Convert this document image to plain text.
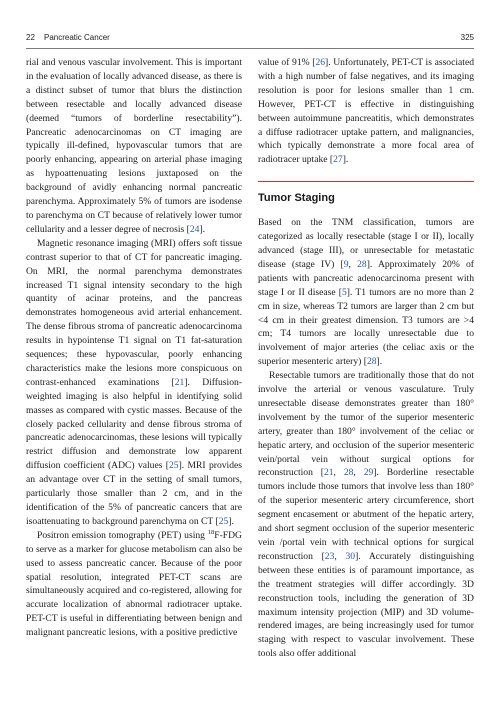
22 Pancreatic Cancer	325

rial and venous vascular involvement. This is important in the evaluation of locally advanced disease, as there is a distinct subset of tumor that blurs the distinction between resectable and locally advanced disease (deemed “tumors of borderline resectability”). Pancreatic adenocarcinomas on CT imaging are typically ill-defined, hypovascular tumors that are poorly enhancing, appearing on arterial phase imaging as hypoattenuating lesions juxtaposed on the background of avidly enhancing normal pancreatic parenchyma. Approximately 5% of tumors are isodense to parenchyma on CT because of relatively lower tumor cellularity and a lesser degree of necrosis [24].

Magnetic resonance imaging (MRI) offers soft tissue contrast superior to that of CT for pancreatic imaging. On MRI, the normal parenchyma demonstrates increased T1 signal intensity secondary to the high quantity of acinar proteins, and the pancreas demonstrates homogeneous avid arterial enhancement. The dense fibrous stroma of pancreatic adenocarcinoma results in hypointense T1 signal on T1 fat-saturation sequences; these hypovascular, poorly enhancing characteristics make the lesions more conspicuous on contrast-enhanced examinations [21]. Diffusion-weighted imaging is also helpful in identifying solid masses as compared with cystic masses. Because of the closely packed cellularity and dense fibrous stroma of pancreatic adenocarcinomas, these lesions will typically restrict diffusion and demonstrate low apparent diffusion coefficient (ADC) values [25]. MRI provides an advantage over CT in the setting of small tumors, particularly those smaller than 2 cm, and in the identification of the 5% of pancreatic cancers that are isoattenuating to background parenchyma on CT [25].

Positron emission tomography (PET) using $^{18}$F-FDG to serve as a marker for glucose metabolism can also be used to assess pancreatic cancer. Because of the poor spatial resolution, integrated PET-CT scans are simultaneously acquired and co-registered, allowing for accurate localization of abnormal radiotracer uptake. PET-CT is useful in differentiating between benign and malignant pancreatic lesions, with a positive predictive

value of 91% [26]. Unfortunately, PET-CT is associated with a high number of false negatives, and its imaging resolution is poor for lesions smaller than 1 cm. However, PET-CT is effective in distinguishing between autoimmune pancreatitis, which demonstrates a diffuse radiotracer uptake pattern, and malignancies, which typically demonstrate a more focal area of radiotracer uptake [27].

Tumor Staging

Based on the TNM classification, tumors are categorized as locally resectable (stage I or II), locally advanced (stage III), or unresectable for metastatic disease (stage IV) [9, 28]. Approximately 20% of patients with pancreatic adenocarcinoma present with stage I or II disease [5]. T1 tumors are no more than 2 cm in size, whereas T2 tumors are larger than 2 cm but <4 cm in their greatest dimension. T3 tumors are >4 cm; T4 tumors are locally unresectable due to involvement of major arteries (the celiac axis or the superior mesenteric artery) [28].

Resectable tumors are traditionally those that do not involve the arterial or venous vasculature. Truly unresectable disease demonstrates greater than 180° involvement by the tumor of the superior mesenteric artery, greater than 180° involvement of the celiac or hepatic artery, and occlusion of the superior mesenteric vein/portal vein without surgical options for reconstruction [21, 28, 29]. Borderline resectable tumors include those tumors that involve less than 180° of the superior mesenteric artery circumference, short segment encasement or abutment of the hepatic artery, and short segment occlusion of the superior mesenteric vein /portal vein with technical options for surgical reconstruction [23, 30]. Accurately distinguishing between these entities is of paramount importance, as the treatment strategies will differ accordingly. 3D reconstruction tools, including the generation of 3D maximum intensity projection (MIP) and 3D volume-rendered images, are being increasingly used for tumor staging with respect to vascular involvement. These tools also offer additional
